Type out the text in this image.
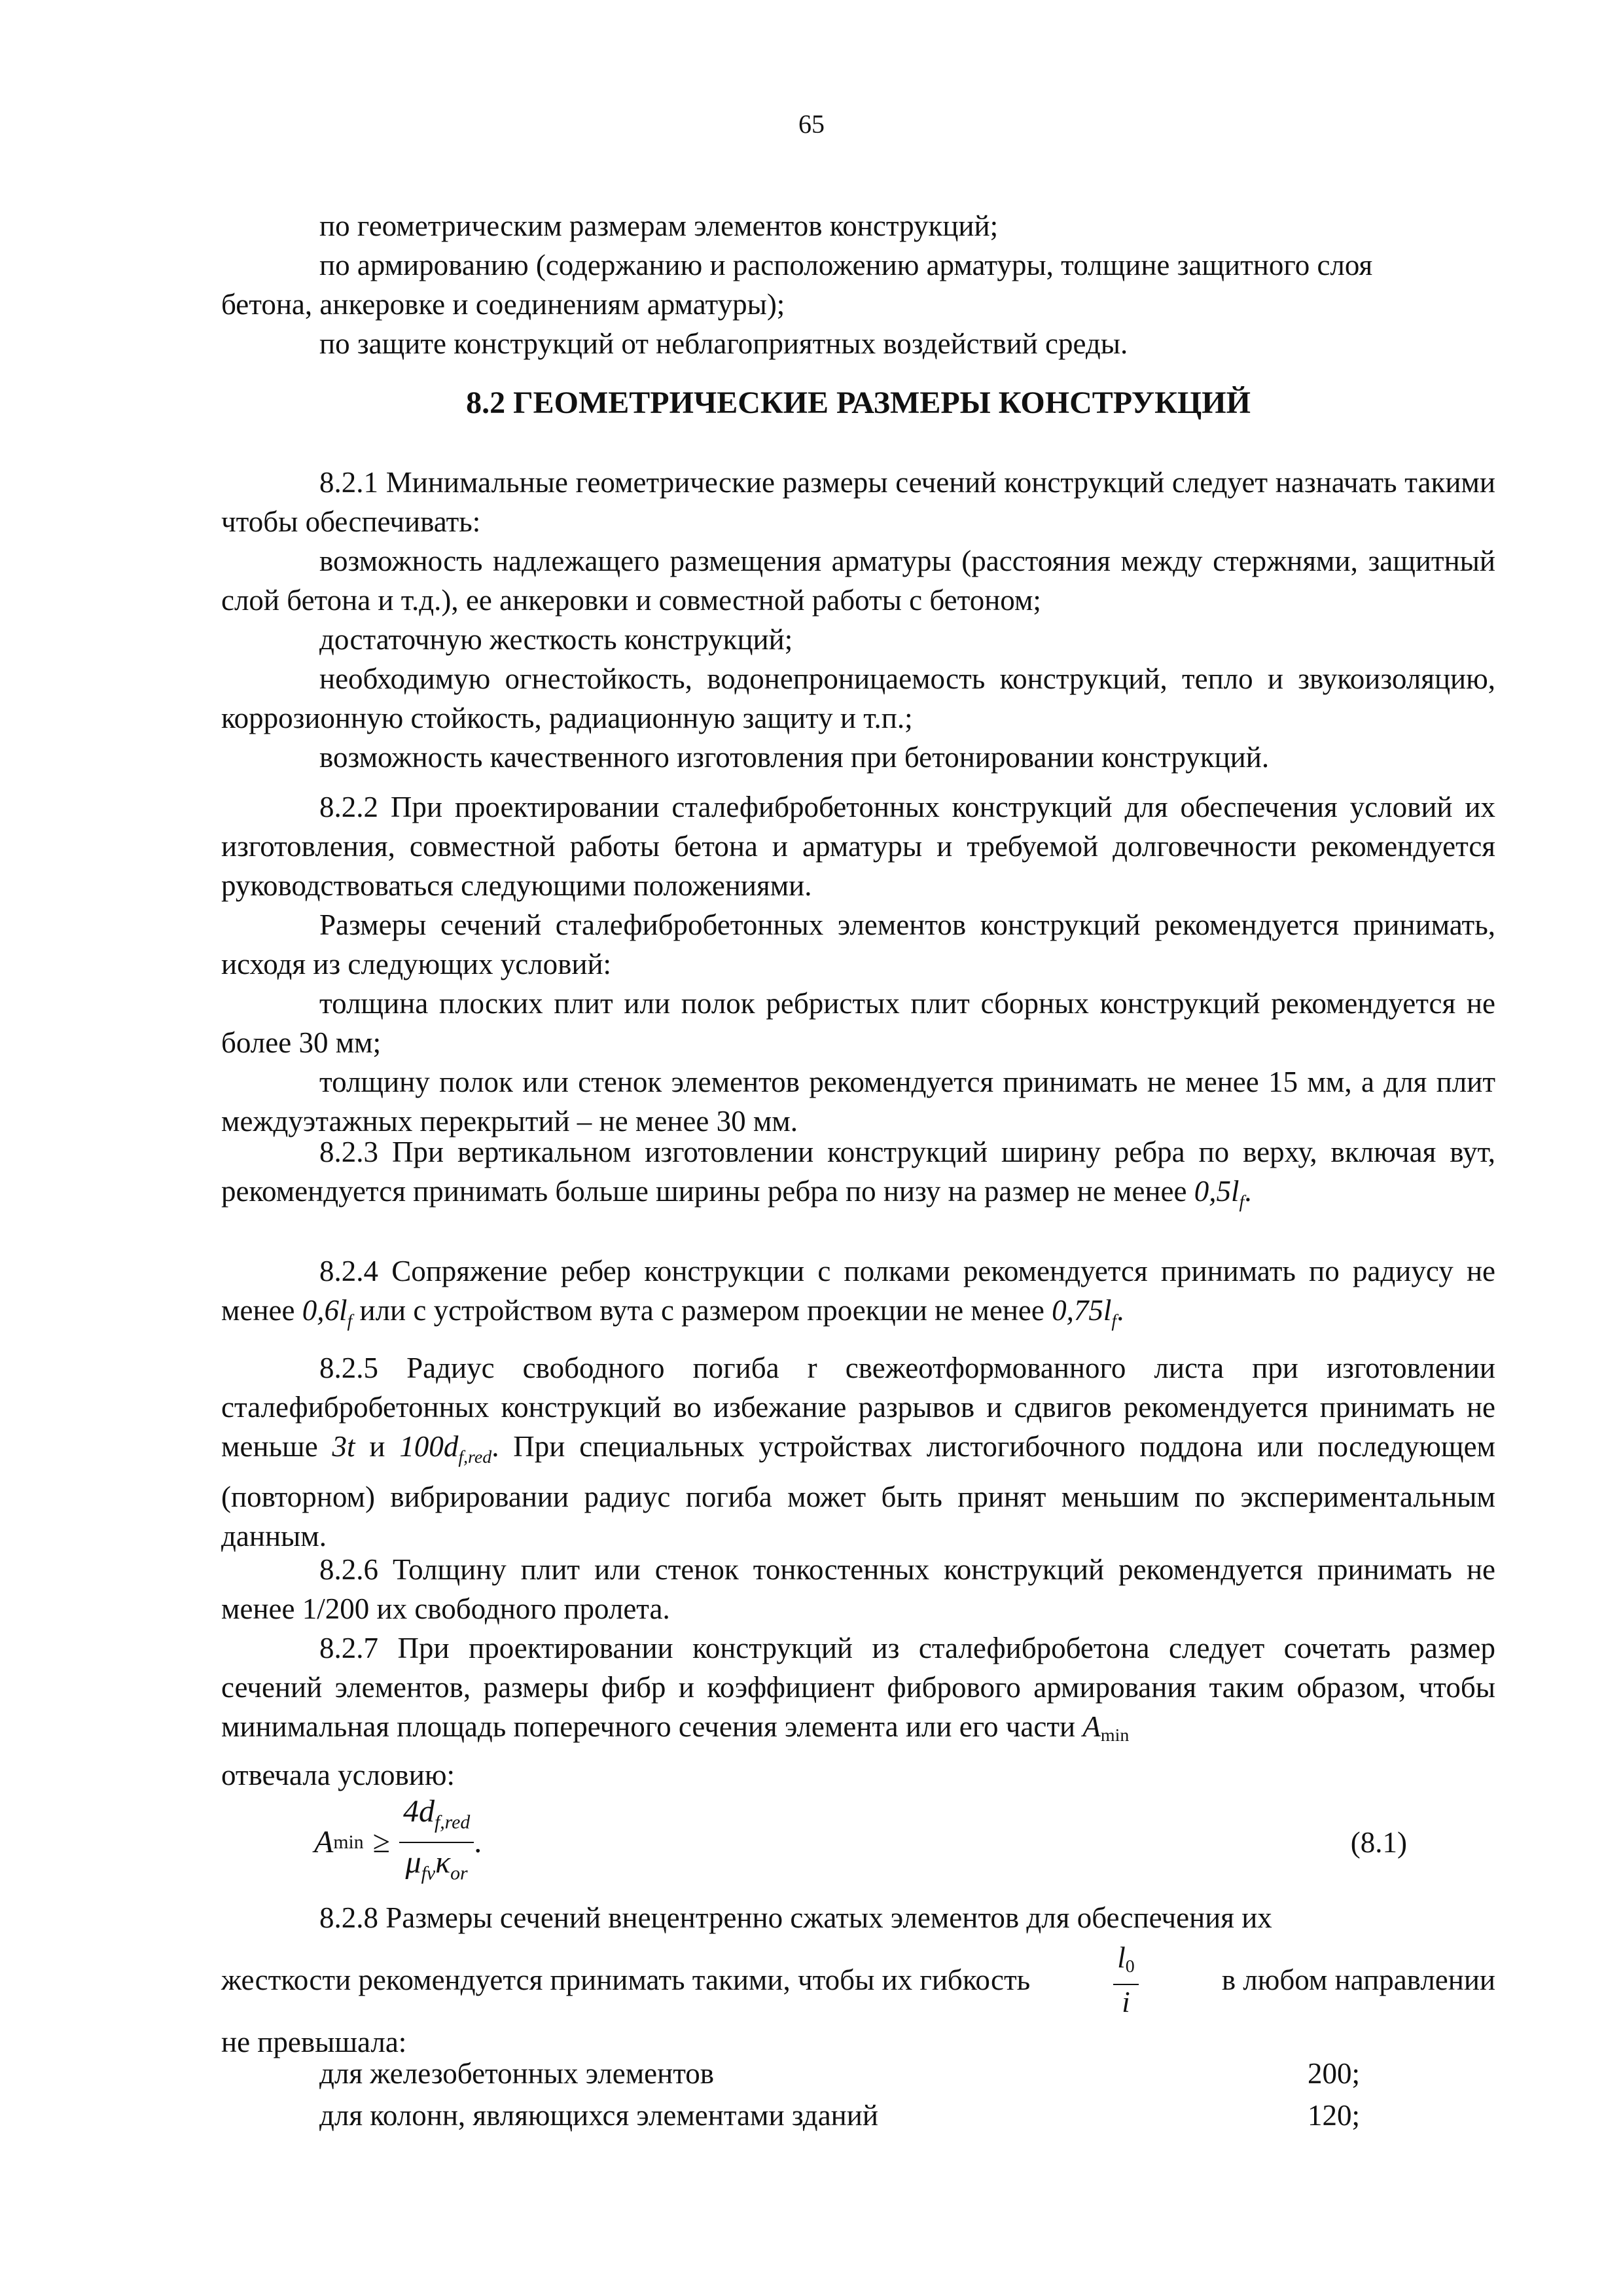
65

по геометрическим размерам элементов конструкций;

по армированию (содержанию и расположению арматуры, толщине защитного слоя

бетона, анкеровке и соединениям арматуры);

по защите конструкций от неблагоприятных воздействий среды.

8.2 ГЕОМЕТРИЧЕСКИЕ РАЗМЕРЫ КОНСТРУКЦИЙ

8.2.1 Минимальные геометрические размеры сечений конструкций следует назначать такими чтобы обеспечивать:

возможность надлежащего размещения арматуры (расстояния между стержнями, защитный слой бетона и т.д.), ее анкеровки и совместной работы с бетоном;

достаточную жесткость конструкций;

необходимую огнестойкость, водонепроницаемость конструкций, тепло и звукоизоляцию, коррозионную стойкость, радиационную защиту и т.п.;

возможность качественного изготовления при бетонировании конструкций.

8.2.2 При проектировании сталефибробетонных конструкций для обеспечения условий их изготовления, совместной работы бетона и арматуры и требуемой долговечности рекомендуется руководствоваться следующими положениями.

Размеры сечений сталефибробетонных элементов конструкций рекомендуется принимать, исходя из следующих условий:

толщина плоских плит или полок ребристых плит сборных конструкций рекомендуется не более 30 мм;

толщину полок или стенок элементов рекомендуется принимать не менее 15 мм, а для плит междуэтажных перекрытий – не менее 30 мм.

8.2.3 При вертикальном изготовлении конструкций ширину ребра по верху, включая вут, рекомендуется принимать больше ширины ребра по низу на размер не менее $0,5l_f$.

8.2.4 Сопряжение ребер конструкции с полками рекомендуется принимать по радиусу не менее $0,6l_f$ или с устройством вута с размером проекции не менее $0,75l_f$.

8.2.5 Радиус свободного погиба r свежеотформованного листа при изготовлении сталефибробетонных конструкций во избежание разрывов и сдвигов рекомендуется принимать не меньше 3t и $100d_{f,red}$. При специальных устройствах листогибочного поддона или последующем (повторном) вибрировании радиус погиба может быть принят меньшим по экспериментальным данным.

8.2.6 Толщину плит или стенок тонкостенных конструкций рекомендуется принимать не менее 1/200 их свободного пролета.

8.2.7 При проектировании конструкций из сталефибробетона следует сочетать размер сечений элементов, размеры фибр и коэффициент фибрового армирования таким образом, чтобы минимальная площадь поперечного сечения элемента или его части Amin

отвечала условию:

A $\min \ge \frac{4d_{f,red}}{\mu_{fv}\kappa_{or}}$ .	(8.1)

8.2.8 Размеры сечений внецентренно сжатых элементов для обеспечения их

жесткости рекомендуется принимать такими, чтобы их гибкость	$\frac{l0}{i}$	в любом направлении

не превышала:

для железобетонных элементов	200;
для колонн, являющихся элементами зданий	120;
